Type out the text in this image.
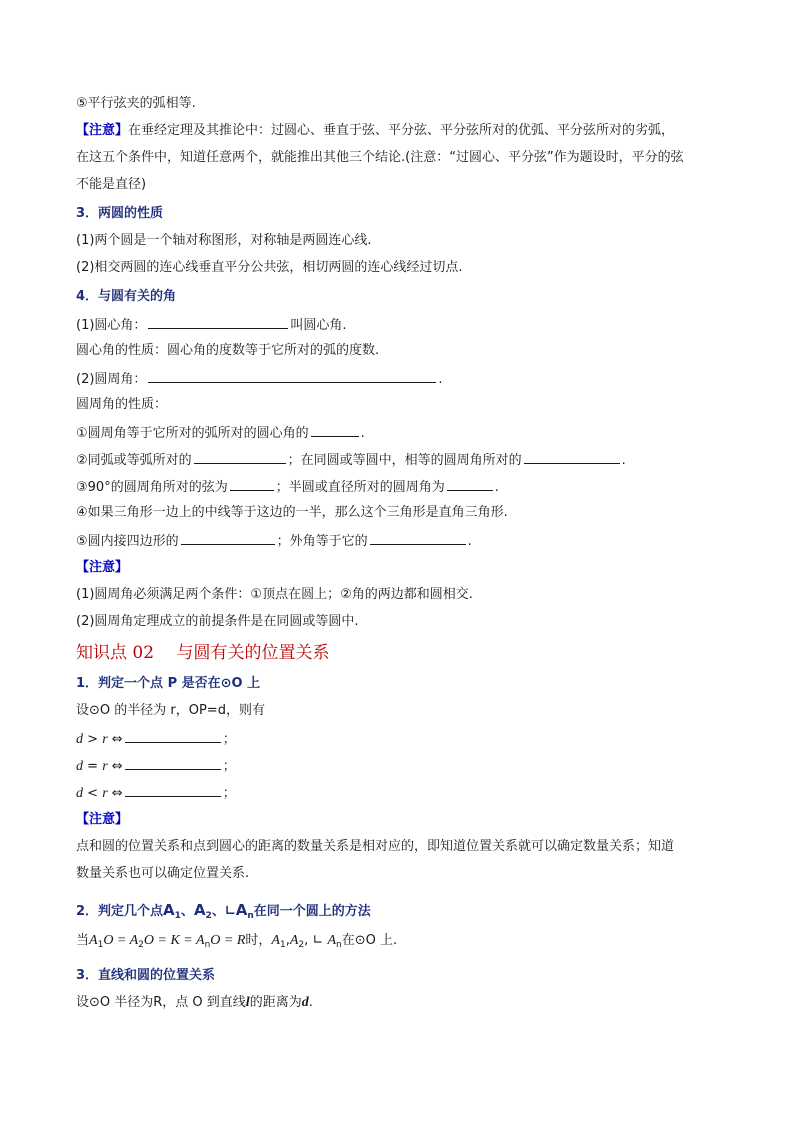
⑤平行弦夹的弧相等.
【注意】在垂经定理及其推论中：过圆心、垂直于弦、平分弦、平分弦所对的优弧、平分弦所对的劣弧，
在这五个条件中，知道任意两个，就能推出其他三个结论.(注意：“过圆心、平分弦”作为题设时，平分的弦
不能是直径)
3．两圆的性质
(1)两个圆是一个轴对称图形，对称轴是两圆连心线.
(2)相交两圆的连心线垂直平分公共弦，相切两圆的连心线经过切点.
4．与圆有关的角
(1)圆心角：	叫圆心角.
圆心角的性质：圆心角的度数等于它所对的弧的度数.
(2)圆周角：	.
圆周角的性质：
①圆周角等于它所对的弧所对的圆心角的	.
②同弧或等弧所对的	；在同圆或等圆中，相等的圆周角所对的	.
③90°的圆周角所对的弦为	；半圆或直径所对的圆周角为	.
④如果三角形一边上的中线等于这边的一半，那么这个三角形是直角三角形.
⑤圆内接四边形的	；外角等于它的	.
【注意】
(1)圆周角必须满足两个条件：①顶点在圆上；②角的两边都和圆相交.
(2)圆周角定理成立的前提条件是在同圆或等圆中.
知识点 02　 与圆有关的位置关系
1．判定一个点 P 是否在⊙O 上
设⊙O 的半径为 r，OP=d，则有
d > r ⇔	；
d = r ⇔	；
d < r ⇔	；
【注意】
点和圆的位置关系和点到圆心的距离的数量关系是相对应的，即知道位置关系就可以确定数量关系；知道
数量关系也可以确定位置关系.
2．判定几个点$A_1$、$A_2$、$∟A_n$在同一个圆上的方法
当$A_1O = A_2O = K = A_nO = R$时，$A_1,A_2$, ∟ $A_n$在⊙O 上.
3．直线和圆的位置关系
设⊙O 半径为R，点 O 到直线l的距离为d.
